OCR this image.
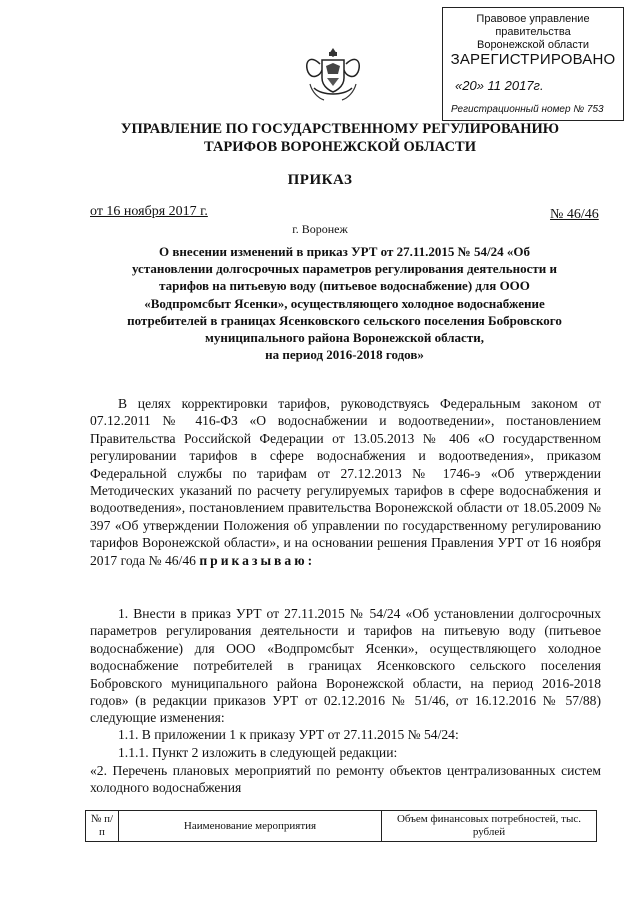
Правовое управление правительства
Воронежской области
ЗАРЕГИСТРИРОВАНО
«20» 11 2017г.
Регистрационный номер № 753
УПРАВЛЕНИЕ ПО ГОСУДАРСТВЕННОМУ РЕГУЛИРОВАНИЮ
ТАРИФОВ ВОРОНЕЖСКОЙ ОБЛАСТИ
ПРИКАЗ
от 16 ноября 2017 г.	№ 46/46
г. Воронеж
О внесении изменений в приказ УРТ от 27.11.2015 № 54/24 «Об
установлении долгосрочных параметров регулирования деятельности и
тарифов на питьевую воду (питьевое водоснабжение) для ООО
«Водпромсбыт Ясенки», осуществляющего холодное водоснабжение
потребителей в границах Ясенковского сельского поселения Бобровского
муниципального района Воронежской области,
на период 2016-2018 годов»
В целях корректировки тарифов, руководствуясь Федеральным законом от 07.12.2011 № 416-ФЗ «О водоснабжении и водоотведении», постановлением Правительства Российской Федерации от 13.05.2013 № 406 «О государственном регулировании тарифов в сфере водоснабжения и водоотведения», приказом Федеральной службы по тарифам от 27.12.2013 № 1746-э «Об утверждении Методических указаний по расчету регулируемых тарифов в сфере водоснабжения и водоотведения», постановлением правительства Воронежской области от 18.05.2009 № 397 «Об утверждении Положения об управлении по государственному регулированию тарифов Воронежской области», и на основании решения Правления УРТ от 16 ноября 2017 года № 46/46 приказываю:
1. Внести в приказ УРТ от 27.11.2015 № 54/24 «Об установлении долгосрочных параметров регулирования деятельности и тарифов на питьевую воду (питьевое водоснабжение) для ООО «Водпромсбыт Ясенки», осуществляющего холодное водоснабжение потребителей в границах Ясенковского сельского поселения Бобровского муниципального района Воронежской области, на период 2016-2018 годов» (в редакции приказов УРТ от 02.12.2016 № 51/46, от 16.12.2016 № 57/88) следующие изменения:
1.1. В приложении 1 к приказу УРТ от 27.11.2015 № 54/24:
1.1.1. Пункт 2 изложить в следующей редакции:
«2. Перечень плановых мероприятий по ремонту объектов централизованных систем холодного водоснабжения
№ п/п	Наименование мероприятия	Объем финансовых потребностей, тыс. рублей
